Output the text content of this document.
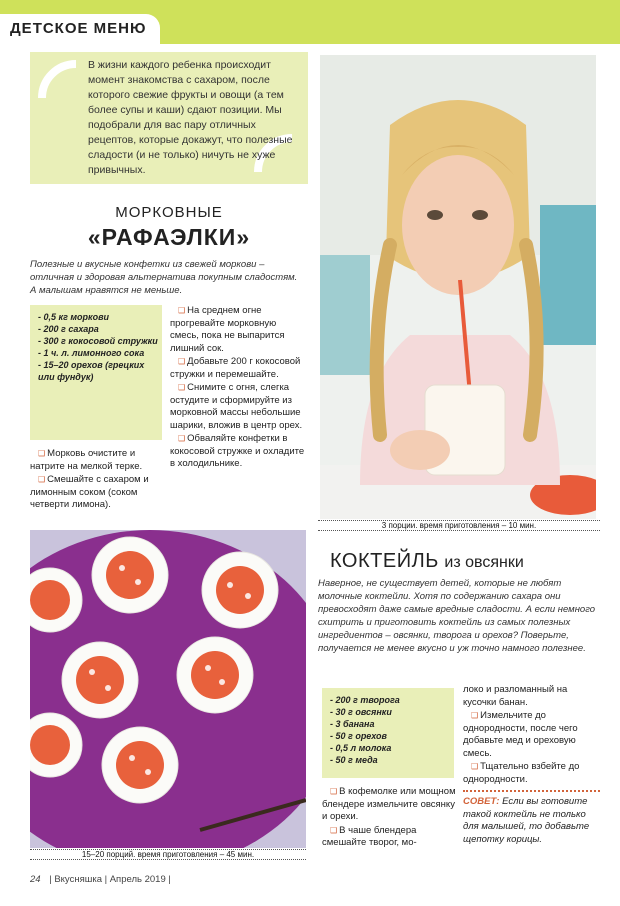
ДЕТСКОЕ МЕНЮ
В жизни каждого ребенка происходит момент знакомства с сахаром, после которого свежие фрукты и овощи (а тем более супы и каши) сдают позиции. Мы подобрали для вас пару отличных рецептов, которые докажут, что полезные сладости (и не только) ничуть не хуже привычных.
3 порции. время приготовления – 10 мин.
МОРКОВНЫЕ
«РАФАЭЛКИ»
Полезные и вкусные конфетки из свежей моркови – отличная и здоровая альтернатива покупным сладостям. А малышам нравятся не меньше.
- 0,5 кг моркови
- 200 г сахара
- 300 г кокосовой стружки
- 1 ч. л. лимонного сока
- 15–20 орехов (грецких или фундук)

❑ Морковь очистите и натрите на мелкой терке.

❑ Смешайте с сахаром и лимонным соком (соком четверти лимона).

❑ На среднем огне прогревайте морковную смесь, пока не выпарится лишний сок.

❑ Добавьте 200 г кокосовой стружки и перемешайте.

❑ Снимите с огня, слегка остудите и сформируйте из морковной массы небольшие шарики, вложив в центр орех.

❑ Обваляйте конфетки в кокосовой стружке и охладите в холодильнике.

15–20 порций. время приготовления – 45 мин.
КОКТЕЙЛЬ из овсянки
Наверное, не существует детей, которые не любят молочные коктейли. Хотя по содержанию сахара они превосходят даже самые вредные сладости. А если немного схитрить и приготовить коктейль из самых полезных ингредиентов – овсянки, творога и орехов? Поверьте, получается не менее вкусно и уж точно намного полезнее.
- 200 г творога
- 30 г овсянки
- 3 банана
- 50 г орехов
- 0,5 л молока
- 50 г меда

❑ В кофемолке или мощном блендере измельчите овсянку и орехи.

❑ В чаше блендера смешайте творог, мо-

локо и разломанный на кусочки банан.

❑ Измельчите до однородности, после чего добавьте мед и ореховую смесь.

❑ Тщательно взбейте до однородности.

СОВЕТ: Если вы готовите такой коктейль не только для малышей, то добавьте щепотку корицы.
24 | Вкусняшка | Апрель 2019 |
